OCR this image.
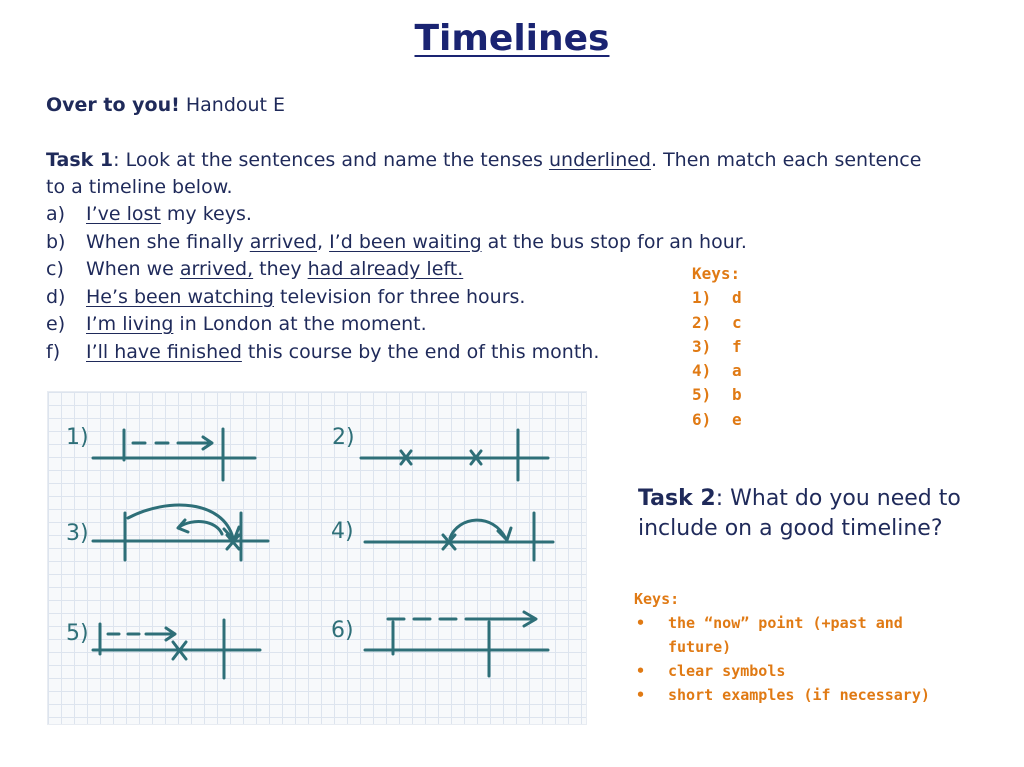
Timelines
Over to you! Handout E
Task 1: Look at the sentences and name the tenses underlined. Then match each sentence to a timeline below.
a) I’ve lost my keys.
b) When she finally arrived, I’d been waiting at the bus stop for an hour.
c) When we arrived, they had already left.
d) He’s been watching television for three hours.
e) I’m living in London at the moment.
f) I’ll have finished this course by the end of this month.
Keys:
1) d
2) c
3) f
4) a
5) b
6) e
1)	2)
3)	4)
5)	6)
Task 2: What do you need to include on a good timeline?
Keys:
• the “now” point (+past and future)
• clear symbols
• short examples (if necessary)
